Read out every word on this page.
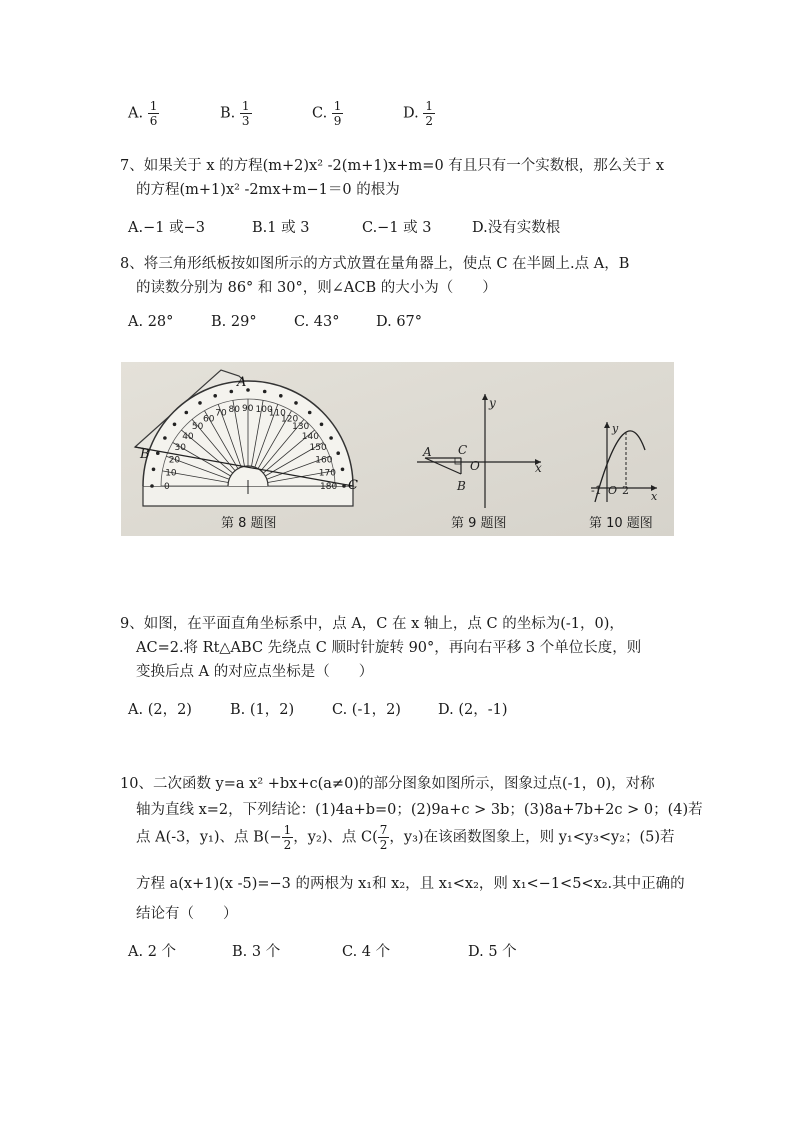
A. $\frac{1}{6}$	B. $\frac{1}{3}$	C. $\frac{1}{9}$	D. $\frac{1}{2}$
7、如果关于 x 的方程(m+2)x² -2(m+1)x+m=0 有且只有一个实数根，那么关于 x
的方程(m+1)x² -2mx+m−1＝0 的根为
A.−1 或−3	B.1 或 3	C.−1 或 3	D.没有实数根
8、将三角形纸板按如图所示的方式放置在量角器上，使点 C 在半圆上.点 A，B
的读数分别为 86° 和 30°，则∠ACB 的大小为（　　）
A. 28°	B. 29°	C. 43°	D. 67°
0
10
20
30
40
50
60
70 80 90 100
110
120
130
140
150
160
170
180
A
B
C
A C
O
B
x
y
y
x
-1 O 2
第 8 题图	第 9 题图	第 10 题图
9、如图，在平面直角坐标系中，点 A，C 在 x 轴上，点 C 的坐标为(-1，0)，
AC=2.将 Rt△ABC 先绕点 C 顺时针旋转 90°，再向右平移 3 个单位长度，则
变换后点 A 的对应点坐标是（　　）
A. (2，2)	B. (1，2)	C. (-1，2)	D. (2，-1)
10、二次函数 y=a x² +bx+c(a≠0)的部分图象如图所示，图象过点(-1，0)，对称
轴为直线 x=2，下列结论：(1)4a+b=0；(2)9a+c > 3b；(3)8a+7b+2c > 0；(4)若
点 A(-3，y₁)、点 $B(- \frac{1}{2}$ ，y₂)、点 $C( \frac{7}{2}$ ，y₃)在该函数图象上，则 y₁<y₃<y₂；(5)若
方程 a(x+1)(x -5)=−3 的两根为 x₁和 x₂，且 x₁<x₂，则 x₁<−1<5<x₂.其中正确的
结论有（　　）
A. 2 个	B. 3 个	C. 4 个	D. 5 个
